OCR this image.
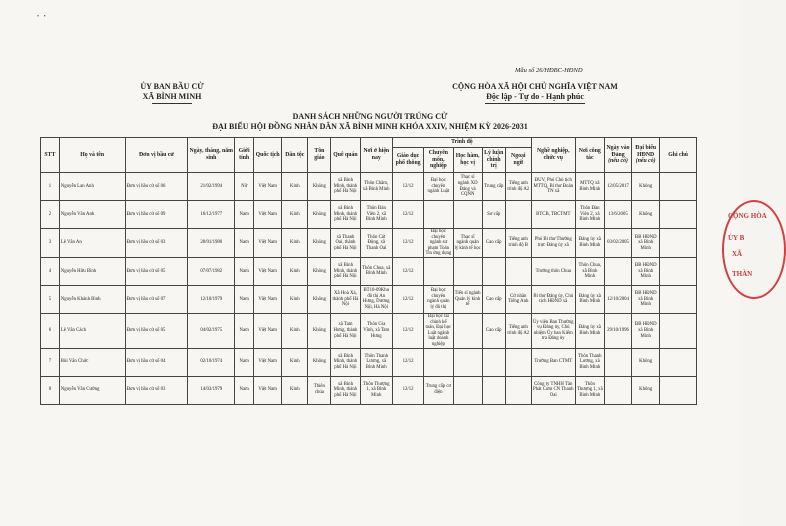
•   •
Mẫu số 26/HĐBC-HĐND
ỦY BAN BẦU CỬ
XÃ BÌNH MINH
CỘNG HÒA XÃ HỘI CHỦ NGHĨA VIỆT NAM
Độc lập - Tự do - Hạnh phúc
DANH SÁCH NHỮNG NGƯỜI TRÚNG CỬ
ĐẠI BIỂU HỘI ĐỒNG NHÂN DÂN XÃ BÌNH MINH KHÓA XXIV, NHIỆM KỲ 2026-2031
STT	Họ và tên	Đơn vị bầu cử	Ngày, tháng, năm sinh	Giới tính	Quốc tịch	Dân tộc	Tôn giáo	Quê quán	Nơi ở hiện nay	Trình độ					Nghề nghiệp, chức vụ	Nơi công tác	Ngày vào Đảng
(nếu có)	Đại biểu HĐND
(nếu có)	Ghi chú
										Giáo dục phổ thông	Chuyên môn, nghiệp	Học hàm, học vị	Lý luận chính trị	Ngoại ngữ					
1	Nguyễn Lan Anh	Đơn vị bầu cử số 06	21/02/1994	Nữ	Việt Nam	Kinh	Không	xã Bình Minh, thành phố Hà Nội	Thôn Châm, xã Bình Minh	12/12	Đại học chuyên ngành Luật	Thạc sĩ ngành XD Đảng và CQNN	Trung cấp	Tiếng anh trình độ A2	ĐUV, Phó Chủ tịch MTTQ, Bí thư Đoàn TN xã	MTTQ xã Bình Minh	12/05/2017	Không	
2	Nguyễn Văn Anh	Đơn vị bầu cử số 09	16/12/1977	Nam	Việt Nam	Kinh	Không	xã Bình Minh, thành phố Hà Nội	Thôn Đàn Viên 2, xã Bình Minh	12/12			Sơ cấp		BTCB, TBCTMT	Thôn Đàn Viên 2, xã Bình Minh	13/6/2005	Không	
3	Lê Văn An	Đơn vị bầu cử số 03	28/01/1980	Nam	Việt Nam	Kinh	Không	xã Thanh Oai, thành phố Hà Nội	Thôn Cát Động, xã Thanh Oai	12/12	Đại học chuyên ngành sư phạm Toán Tin ứng dụng	Thạc sĩ ngành quản lý kinh tế học	Cao cấp	Tiếng anh trình độ B	Phó Bí thư Thường trực Đảng ủy xã	Đảng ủy xã Bình Minh	03/02/2005	ĐB HĐND xã Bình Minh	
4	Nguyễn Hữu Bình	Đơn vị bầu cử số 05	07/07/1982	Nam	Việt Nam	Kinh	Không	xã Bình Minh, thành phố Hà Nội	Thôn Chua, xã Bình Minh	12/12					Trưởng thôn Chua	Thôn Chua, xã Bình Minh		ĐB HĐND xã Bình Minh	
5	Nguyễn Khánh Bình	Đơn vị bầu cử số 07	12/10/1979	Nam	Việt Nam	Kinh	Không	Xã Hoà Xá, thành phố Hà Nội	BT10-09Khu đô thị An Hưng, Dương Nội, Hà Nội	12/12	Đại học chuyên ngành quản lý đô thị	Tiến sĩ ngành Quản lý kinh tế	Cao cấp	Cử nhân Tiếng Anh	Bí thư Đảng ủy, Chủ tịch HĐND xã	Đảng ủy xã Bình Minh	12/10/2004	ĐB HĐND xã Bình Minh	
6	Lê Văn Cách	Đơn vị bầu cử số 05	04/02/1975	Nam	Việt Nam	Kinh	Không	xã Tam Hưng, thành phố Hà Nội	Thôn Gia Vĩnh, xã Tam Hưng	12/12	Đại học tài chính kế toán, Đại học Luật ngành luật doanh nghiệp		Cao cấp	Tiếng anh trình độ A2	Ủy viên Ban Thường vụ Đảng ủy, Chủ nhiệm Ủy ban Kiểm tra Đảng ủy	Đảng ủy xã Bình Minh	29/10/1996	ĐB HĐND xã Bình Minh	
7	Bùi Văn Chức	Đơn vị bầu cử số 04	02/10/1974	Nam	Việt Nam	Kinh	Không	xã Bình Minh, thành phố Hà Nội	Thôn Thanh Lương, xã Bình Minh	12/12					Trưởng Ban CTMT	Thôn Thanh Lương, xã Bình Minh		Không	
8	Nguyễn Văn Cường	Đơn vị bầu cử số 03	14/03/1979	Nam	Việt Nam	Kinh	Thiên chúa	xã Bình Minh, thành phố Hà Nội	Thôn Thượng 1, xã Bình Minh	12/12	Trung cấp cơ điện				Công ty TNHH Tân Phát Cưm CN Thanh Oai	Thôn Thượng 1, xã Bình Minh		Không	
CỘNG HÒA
ỦY B
XÃ
THÀN
